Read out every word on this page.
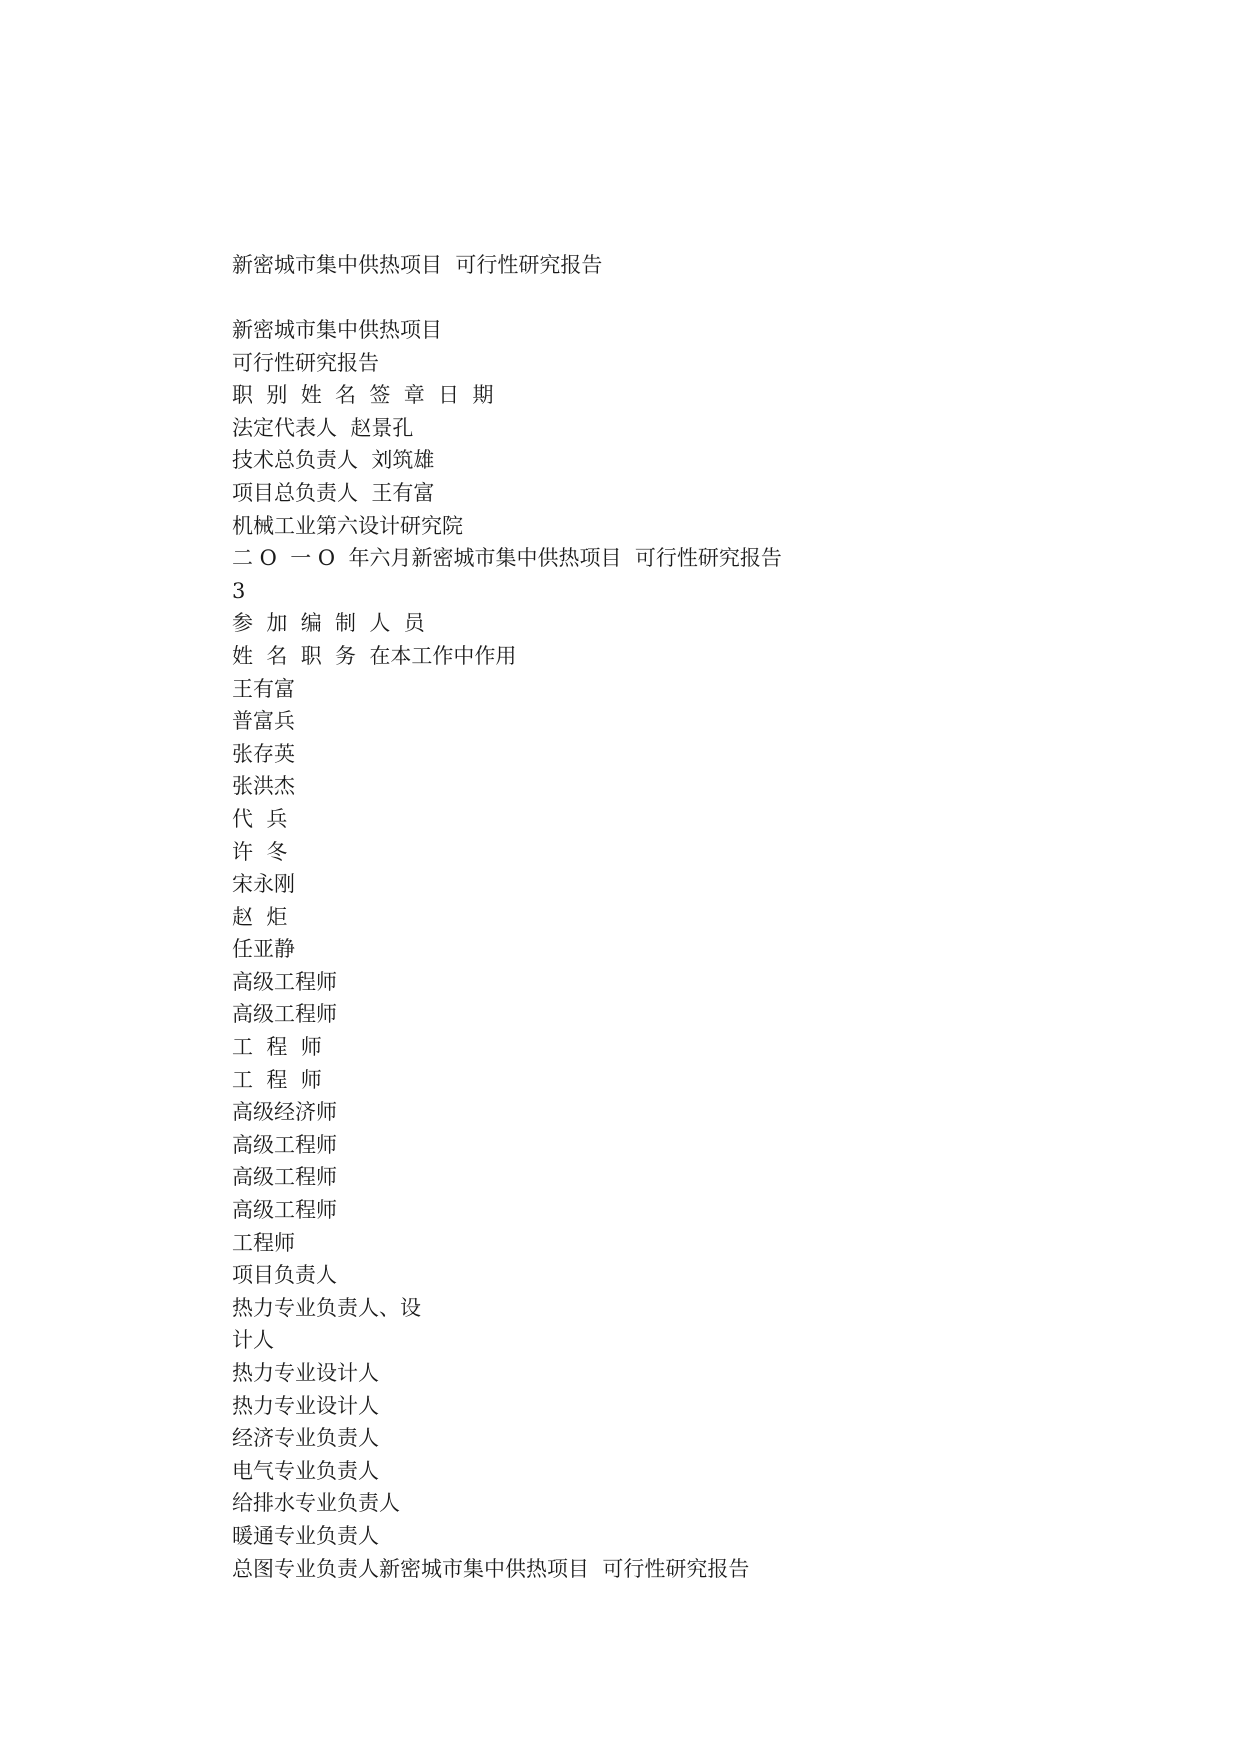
新密城市集中供热项目  可行性研究报告
新密城市集中供热项目
可行性研究报告
职  别  姓  名  签  章  日  期
法定代表人  赵景孔
技术总负责人  刘筑雄
项目总负责人  王有富
机械工业第六设计研究院
二 O  一 O  年六月新密城市集中供热项目  可行性研究报告
3
参  加  编  制  人  员
姓  名  职  务  在本工作中作用
王有富
普富兵
张存英
张洪杰
代  兵
许  冬
宋永刚
赵  炬
任亚静
高级工程师
高级工程师
工  程  师
工  程  师
高级经济师
高级工程师
高级工程师
高级工程师
工程师
项目负责人
热力专业负责人、设
计人
热力专业设计人
热力专业设计人
经济专业负责人
电气专业负责人
给排水专业负责人
暖通专业负责人
总图专业负责人新密城市集中供热项目  可行性研究报告
